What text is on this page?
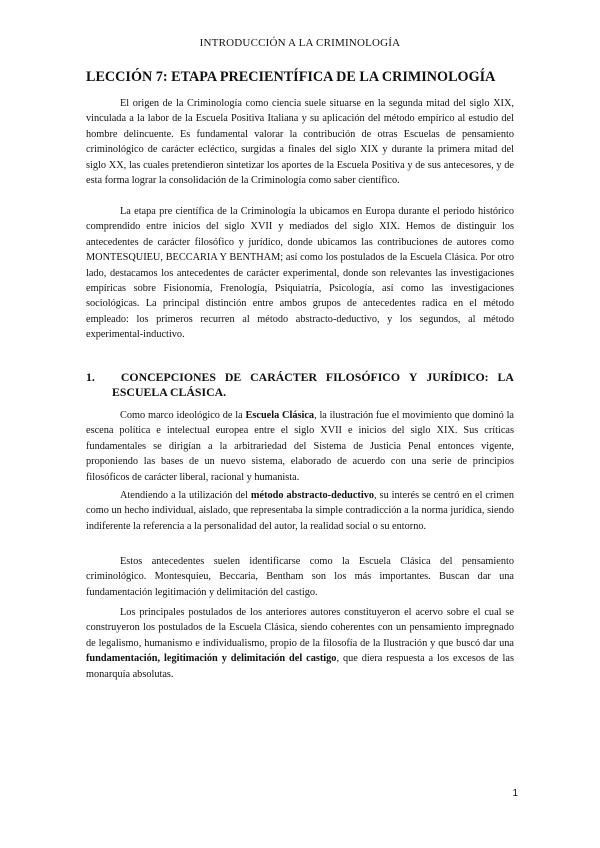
INTRODUCCIÓN A LA CRIMINOLOGÍA
LECCIÓN 7: ETAPA PRECIENTÍFICA DE LA CRIMINOLOGÍA

El origen de la Criminología como ciencia suele situarse en la segunda mitad del siglo XIX, vinculada a la labor de la Escuela Positiva Italiana y su aplicación del método empírico al estudio del hombre delincuente. Es fundamental valorar la contribución de otras Escuelas de pensamiento criminológico de carácter ecléctico, surgidas a finales del siglo XIX y durante la primera mitad del siglo XX, las cuales pretendieron sintetizar los aportes de la Escuela Positiva y de sus antecesores, y de esta forma lograr la consolidación de la Criminología como saber científico.

La etapa pre científica de la Criminología la ubicamos en Europa durante el periodo histórico comprendido entre inicios del siglo XVII y mediados del siglo XIX. Hemos de distinguir los antecedentes de carácter filosófico y jurídico, donde ubicamos las contribuciones de autores como MONTESQUIEU, BECCARIA Y BENTHAM; así como los postulados de la Escuela Clásica. Por otro lado, destacamos los antecedentes de carácter experimental, donde son relevantes las investigaciones empíricas sobre Fisionomía, Frenología, Psiquiatría, Psicología, así como las investigaciones sociológicas. La principal distinción entre ambos grupos de antecedentes radica en el método empleado: los primeros recurren al método abstracto-deductivo, y los segundos, al método experimental-inductivo.

1.	CONCEPCIONES DE CARÁCTER FILOSÓFICO Y JURÍDICO: LA
ESCUELA CLÁSICA.

Como marco ideológico de la Escuela Clásica, la ilustración fue el movimiento que dominó la escena política e intelectual europea entre el siglo XVII e inicios del siglo XIX. Sus críticas fundamentales se dirigían a la arbitrariedad del Sistema de Justicia Penal entonces vigente, proponiendo las bases de un nuevo sistema, elaborado de acuerdo con una serie de principios filosóficos de carácter liberal, racional y humanista.

Atendiendo a la utilización del método abstracto-deductivo, su interés se centró en el crimen como un hecho individual, aislado, que representaba la simple contradicción a la norma jurídica, siendo indiferente la referencia a la personalidad del autor, la realidad social o su entorno.

Estos antecedentes suelen identificarse como la Escuela Clásica del pensamiento criminológico. Montesquieu, Beccaria, Bentham son los más importantes. Buscan dar una fundamentación legitimación y delimitación del castigo.

Los principales postulados de los anteriores autores constituyeron el acervo sobre el cual se construyeron los postulados de la Escuela Clásica, siendo coherentes con un pensamiento impregnado de legalismo, humanismo e individualismo, propio de la filosofía de la Ilustración y que buscó dar una fundamentación, legitimación y delimitación del castigo, que diera respuesta a los excesos de las monarquía absolutas.

1
